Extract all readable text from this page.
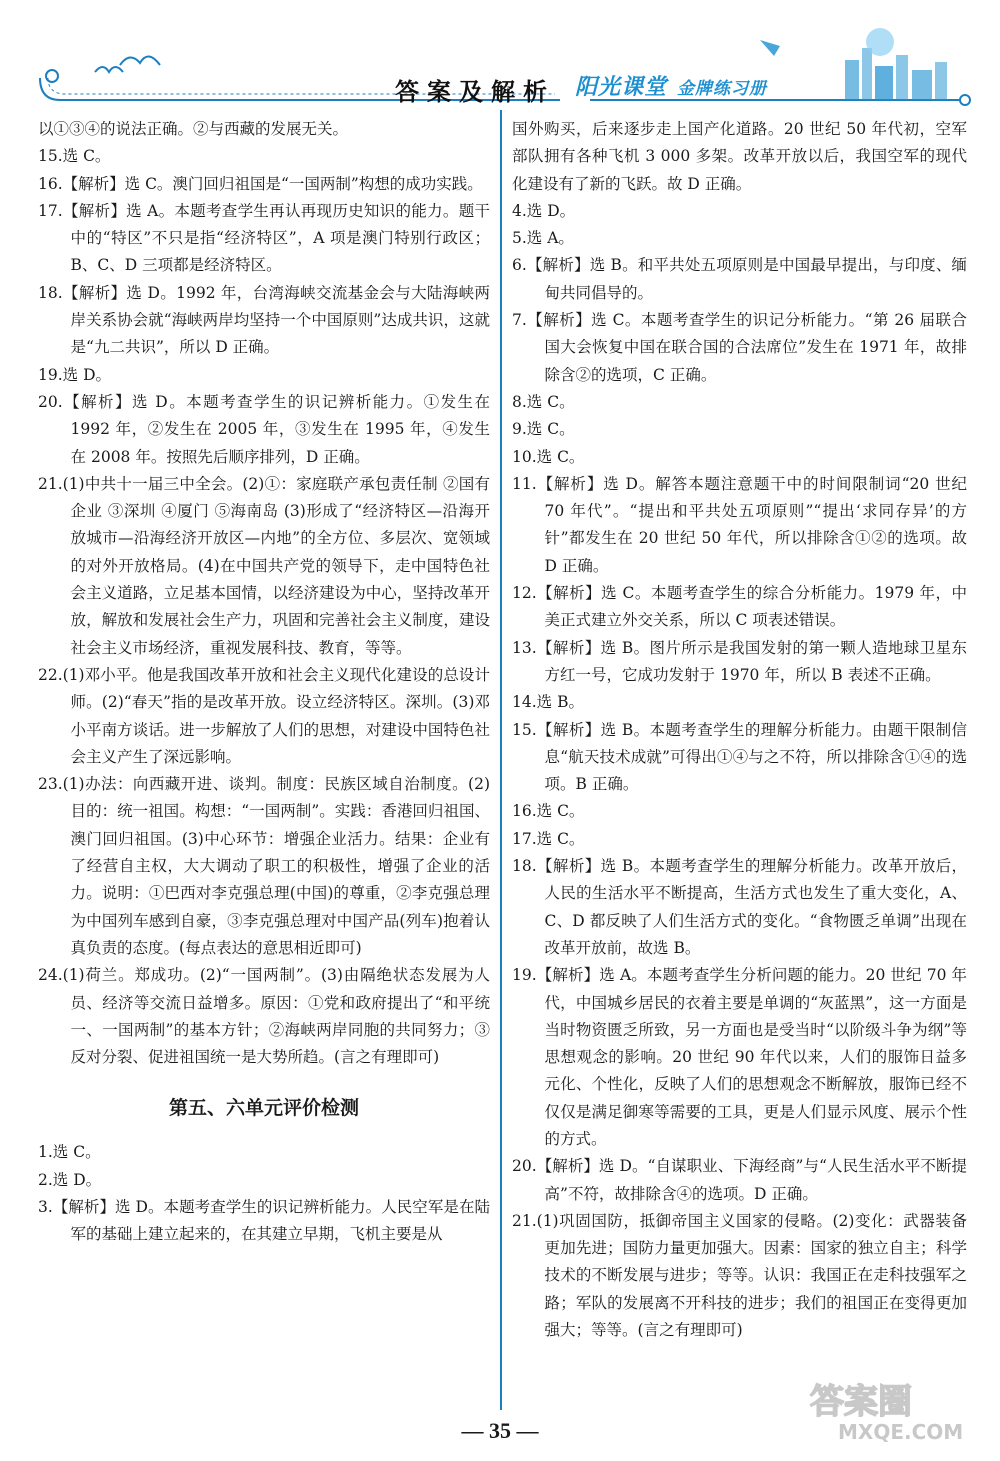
答案及解析 阳光课堂 金牌练习册

以①③④的说法正确。②与西藏的发展无关。

15.选 C。

16.【解析】选 C。澳门回归祖国是“一国两制”构想的成功实践。

17.【解析】选 A。本题考查学生再认再现历史知识的能力。题干中的“特区”不只是指“经济特区”，A 项是澳门特别行政区；B、C、D 三项都是经济特区。

18.【解析】选 D。1992 年，台湾海峡交流基金会与大陆海峡两岸关系协会就“海峡两岸均坚持一个中国原则”达成共识，这就是“九二共识”，所以 D 正确。

19.选 D。

20.【解析】选 D。本题考查学生的识记辨析能力。①发生在 1992 年，②发生在 2005 年，③发生在 1995 年，④发生在 2008 年。按照先后顺序排列，D 正确。

21.(1)中共十一届三中全会。(2)①：家庭联产承包责任制 ②国有企业 ③深圳 ④厦门 ⑤海南岛 (3)形成了“经济特区—沿海开放城市—沿海经济开放区—内地”的全方位、多层次、宽领域的对外开放格局。(4)在中国共产党的领导下，走中国特色社会主义道路，立足基本国情，以经济建设为中心，坚持改革开放，解放和发展社会生产力，巩固和完善社会主义制度，建设社会主义市场经济，重视发展科技、教育，等等。

22.(1)邓小平。他是我国改革开放和社会主义现代化建设的总设计师。(2)“春天”指的是改革开放。设立经济特区。深圳。(3)邓小平南方谈话。进一步解放了人们的思想，对建设中国特色社会主义产生了深远影响。

23.(1)办法：向西藏开进、谈判。制度：民族区域自治制度。(2)目的：统一祖国。构想：“一国两制”。实践：香港回归祖国、澳门回归祖国。(3)中心环节：增强企业活力。结果：企业有了经营自主权，大大调动了职工的积极性，增强了企业的活力。说明：①巴西对李克强总理(中国)的尊重，②李克强总理为中国列车感到自豪，③李克强总理对中国产品(列车)抱着认真负责的态度。(每点表达的意思相近即可)

24.(1)荷兰。郑成功。(2)“一国两制”。(3)由隔绝状态发展为人员、经济等交流日益增多。原因：①党和政府提出了“和平统一、一国两制”的基本方针；②海峡两岸同胞的共同努力；③反对分裂、促进祖国统一是大势所趋。(言之有理即可)

第五、六单元评价检测

1.选 C。

2.选 D。

3.【解析】选 D。本题考查学生的识记辨析能力。人民空军是在陆军的基础上建立起来的，在其建立早期，飞机主要是从

国外购买，后来逐步走上国产化道路。20 世纪 50 年代初，空军部队拥有各种飞机 3 000 多架。改革开放以后，我国空军的现代化建设有了新的飞跃。故 D 正确。

4.选 D。

5.选 A。

6.【解析】选 B。和平共处五项原则是中国最早提出，与印度、缅甸共同倡导的。

7.【解析】选 C。本题考查学生的识记分析能力。“第 26 届联合国大会恢复中国在联合国的合法席位”发生在 1971 年，故排除含②的选项，C 正确。

8.选 C。

9.选 C。

10.选 C。

11.【解析】选 D。解答本题注意题干中的时间限制词“20 世纪 70 年代”。“提出和平共处五项原则”“提出‘求同存异’的方针”都发生在 20 世纪 50 年代，所以排除含①②的选项。故 D 正确。

12.【解析】选 C。本题考查学生的综合分析能力。1979 年，中美正式建立外交关系，所以 C 项表述错误。

13.【解析】选 B。图片所示是我国发射的第一颗人造地球卫星东方红一号，它成功发射于 1970 年，所以 B 表述不正确。

14.选 B。

15.【解析】选 B。本题考查学生的理解分析能力。由题干限制信息“航天技术成就”可得出①④与之不符，所以排除含①④的选项。B 正确。

16.选 C。

17.选 C。

18.【解析】选 B。本题考查学生的理解分析能力。改革开放后，人民的生活水平不断提高，生活方式也发生了重大变化，A、C、D 都反映了人们生活方式的变化。“食物匮乏单调”出现在改革开放前，故选 B。

19.【解析】选 A。本题考查学生分析问题的能力。20 世纪 70 年代，中国城乡居民的衣着主要是单调的“灰蓝黑”，这一方面是当时物资匮乏所致，另一方面也是受当时“以阶级斗争为纲”等思想观念的影响。20 世纪 90 年代以来，人们的服饰日益多元化、个性化，反映了人们的思想观念不断解放，服饰已经不仅仅是满足御寒等需要的工具，更是人们显示风度、展示个性的方式。

20.【解析】选 D。“自谋职业、下海经商”与“人民生活水平不断提高”不符，故排除含④的选项。D 正确。

21.(1)巩固国防，抵御帝国主义国家的侵略。(2)变化：武器装备更加先进；国防力量更加强大。因素：国家的独立自主；科学技术的不断发展与进步；等等。认识：我国正在走科技强军之路；军队的发展离不开科技的进步；我们的祖国正在变得更加强大；等等。(言之有理即可)

— 35 —
答案圈
MXQE.COM
